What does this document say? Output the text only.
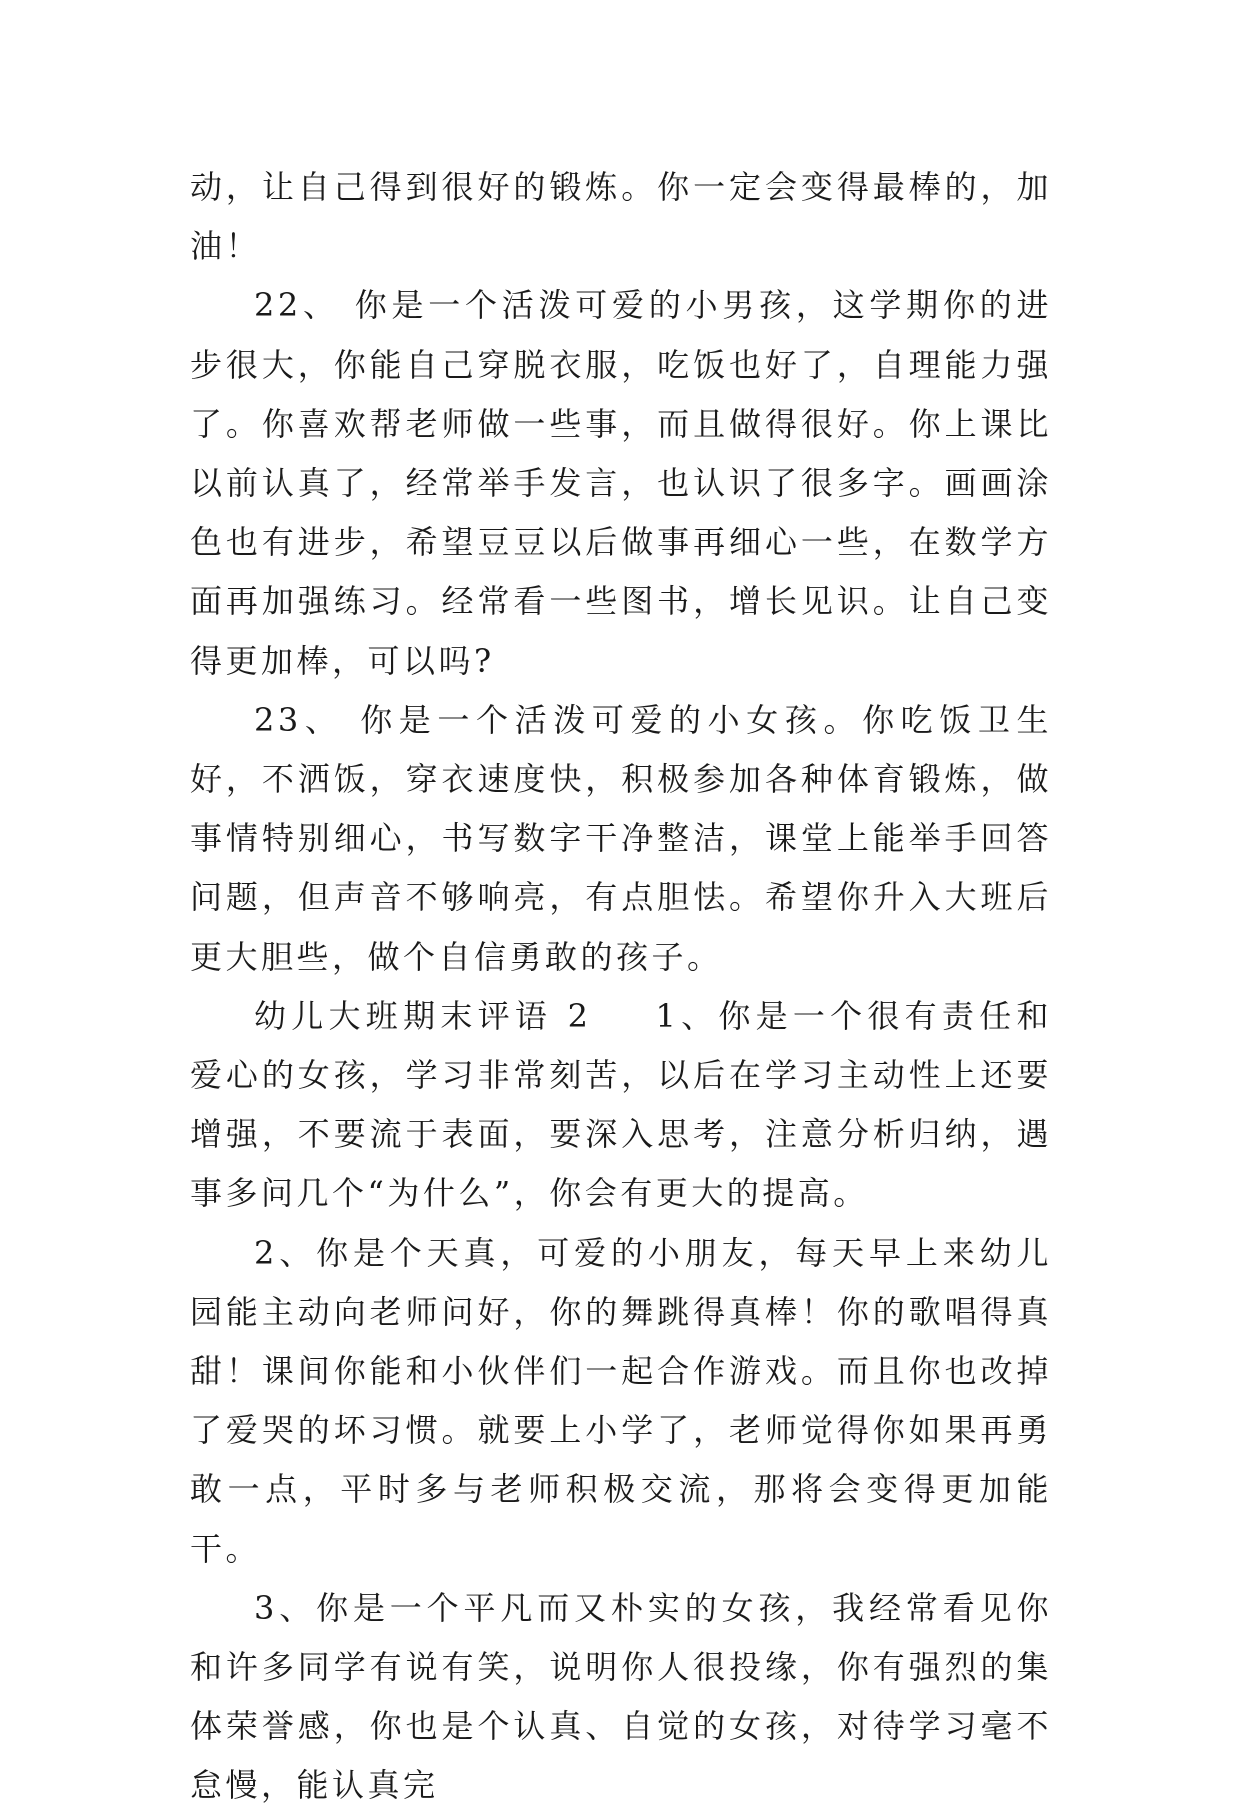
动，让自己得到很好的锻炼。你一定会变得最棒的，加油！

22、 你是一个活泼可爱的小男孩，这学期你的进步很大，你能自己穿脱衣服，吃饭也好了，自理能力强了。你喜欢帮老师做一些事，而且做得很好。你上课比以前认真了，经常举手发言，也认识了很多字。画画涂色也有进步，希望豆豆以后做事再细心一些，在数学方面再加强练习。经常看一些图书，增长见识。让自己变得更加棒，可以吗?

23、 你是一个活泼可爱的小女孩。你吃饭卫生好，不洒饭，穿衣速度快，积极参加各种体育锻炼，做事情特别细心，书写数字干净整洁，课堂上能举手回答问题，但声音不够响亮，有点胆怯。希望你升入大班后更大胆些，做个自信勇敢的孩子。

幼儿大班期末评语 2 1、你是一个很有责任和爱心的女孩，学习非常刻苦，以后在学习主动性上还要增强，不要流于表面，要深入思考，注意分析归纳，遇事多问几个“为什么”，你会有更大的提高。

2、你是个天真，可爱的小朋友，每天早上来幼儿园能主动向老师问好，你的舞跳得真棒！你的歌唱得真甜！课间你能和小伙伴们一起合作游戏。而且你也改掉了爱哭的坏习惯。就要上小学了，老师觉得你如果再勇敢一点，平时多与老师积极交流，那将会变得更加能干。

3、你是一个平凡而又朴实的女孩，我经常看见你和许多同学有说有笑，说明你人很投缘，你有强烈的集体荣誉感，你也是个认真、自觉的女孩，对待学习毫不怠慢，能认真完
